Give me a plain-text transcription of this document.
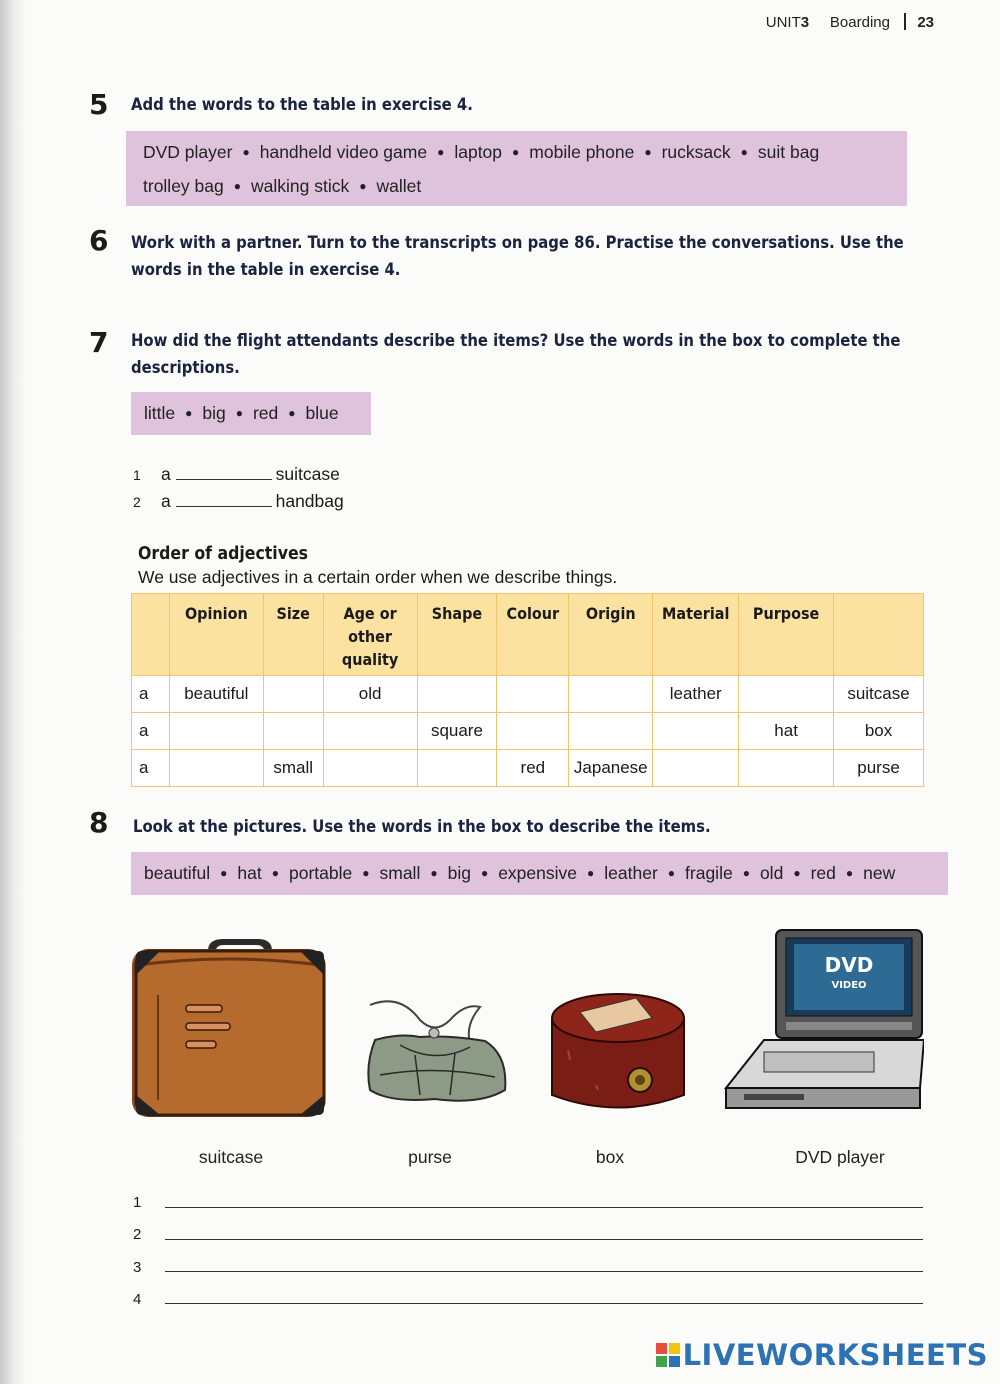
UNIT3 Boarding 23
5 Add the words to the table in exercise 4.
DVD player ● handheld video game ● laptop ● mobile phone ● rucksack ● suit bag
trolley bag ● walking stick ● wallet
6 Work with a partner. Turn to the transcripts on page 86. Practise the conversations. Use the
words in the table in exercise 4.
7 How did the flight attendants describe the items? Use the words in the box to complete the
descriptions.
little ● big ● red ● blue
1 a	suitcase
2 a	handbag
Order of adjectives
We use adjectives in a certain order when we describe things.
	Opinion	Size	Age or other quality	Shape	Colour	Origin	Material	Purpose	
a	beautiful		old				leather		suitcase
a				square				hat	box
a		small			red	Japanese			purse
8 Look at the pictures. Use the words in the box to describe the items.
beautiful ● hat ● portable ● small ● big ● expensive ● leather ● fragile ● old ● red ● new
DVD
VIDEO
suitcase	purse	box	DVD player
1
2
3
4
LIVEWORKSHEETS
